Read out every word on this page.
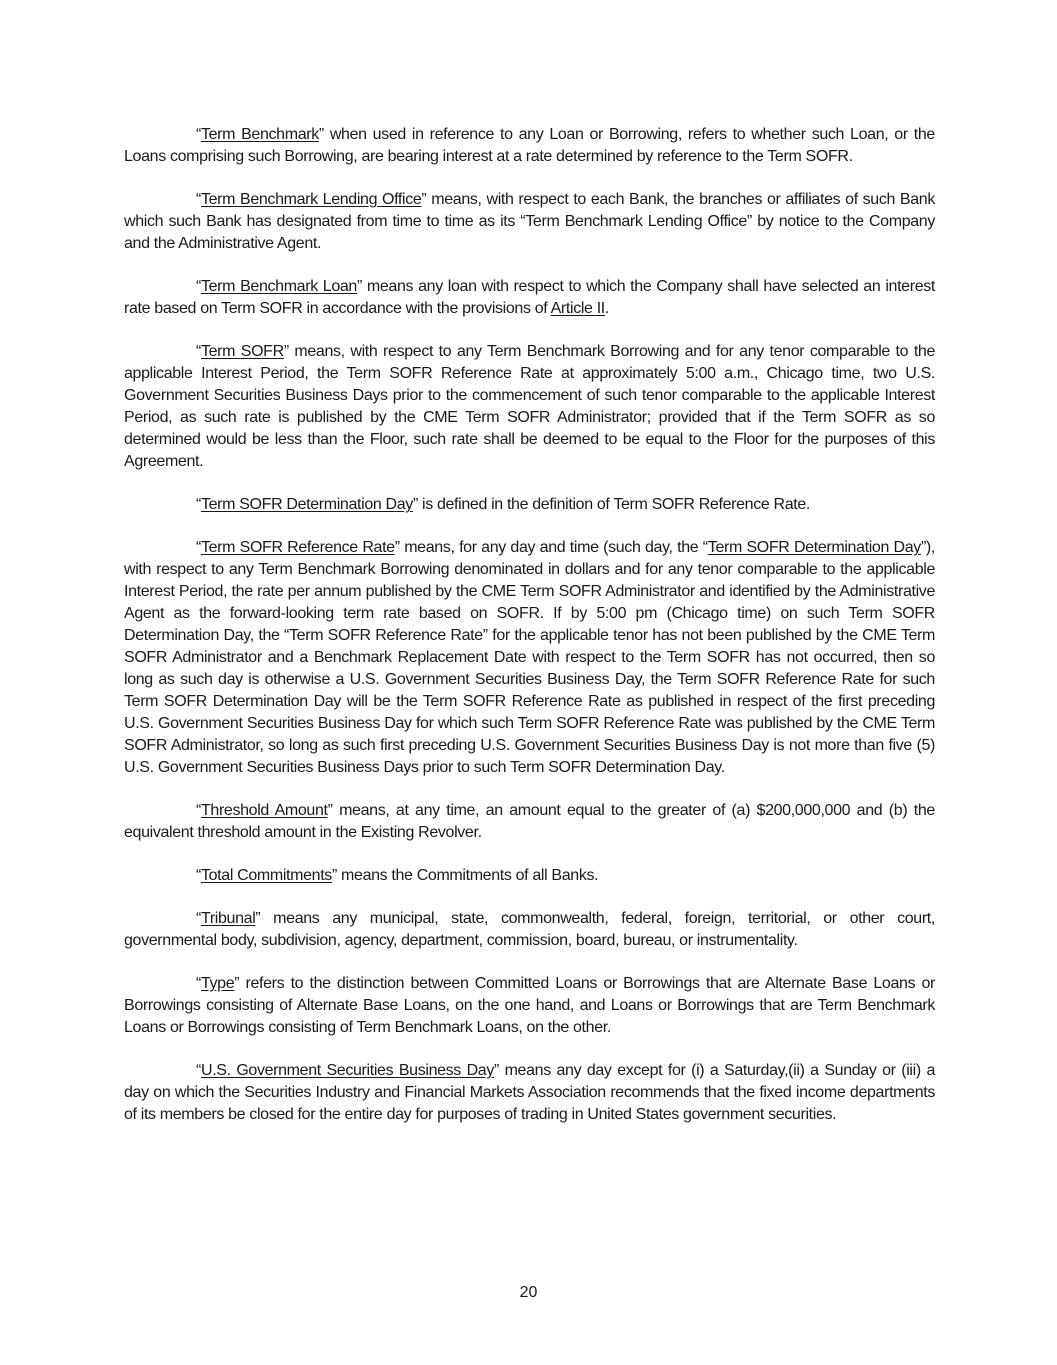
“Term Benchmark” when used in reference to any Loan or Borrowing, refers to whether such Loan, or the Loans comprising such Borrowing, are bearing interest at a rate determined by reference to the Term SOFR.

“Term Benchmark Lending Office” means, with respect to each Bank, the branches or affiliates of such Bank which such Bank has designated from time to time as its “Term Benchmark Lending Office” by notice to the Company and the Administrative Agent.

“Term Benchmark Loan” means any loan with respect to which the Company shall have selected an interest rate based on Term SOFR in accordance with the provisions of Article II.

“Term SOFR” means, with respect to any Term Benchmark Borrowing and for any tenor comparable to the applicable Interest Period, the Term SOFR Reference Rate at approximately 5:00 a.m., Chicago time, two U.S. Government Securities Business Days prior to the commencement of such tenor comparable to the applicable Interest Period, as such rate is published by the CME Term SOFR Administrator; provided that if the Term SOFR as so determined would be less than the Floor, such rate shall be deemed to be equal to the Floor for the purposes of this Agreement.

“Term SOFR Determination Day” is defined in the definition of Term SOFR Reference Rate.

“Term SOFR Reference Rate” means, for any day and time (such day, the “Term SOFR Determination Day”), with respect to any Term Benchmark Borrowing denominated in dollars and for any tenor comparable to the applicable Interest Period, the rate per annum published by the CME Term SOFR Administrator and identified by the Administrative Agent as the forward-looking term rate based on SOFR. If by 5:00 pm (Chicago time) on such Term SOFR Determination Day, the “Term SOFR Reference Rate” for the applicable tenor has not been published by the CME Term SOFR Administrator and a Benchmark Replacement Date with respect to the Term SOFR has not occurred, then so long as such day is otherwise a U.S. Government Securities Business Day, the Term SOFR Reference Rate for such Term SOFR Determination Day will be the Term SOFR Reference Rate as published in respect of the first preceding U.S. Government Securities Business Day for which such Term SOFR Reference Rate was published by the CME Term SOFR Administrator, so long as such first preceding U.S. Government Securities Business Day is not more than five (5) U.S. Government Securities Business Days prior to such Term SOFR Determination Day.

“Threshold Amount” means, at any time, an amount equal to the greater of (a) $200,000,000 and (b) the equivalent threshold amount in the Existing Revolver.

“Total Commitments” means the Commitments of all Banks.

“Tribunal” means any municipal, state, commonwealth, federal, foreign, territorial, or other court, governmental body, subdivision, agency, department, commission, board, bureau, or instrumentality.

“Type” refers to the distinction between Committed Loans or Borrowings that are Alternate Base Loans or Borrowings consisting of Alternate Base Loans, on the one hand, and Loans or Borrowings that are Term Benchmark Loans or Borrowings consisting of Term Benchmark Loans, on the other.

“U.S. Government Securities Business Day” means any day except for (i) a Saturday,(ii) a Sunday or (iii) a day on which the Securities Industry and Financial Markets Association recommends that the fixed income departments of its members be closed for the entire day for purposes of trading in United States government securities.

20
